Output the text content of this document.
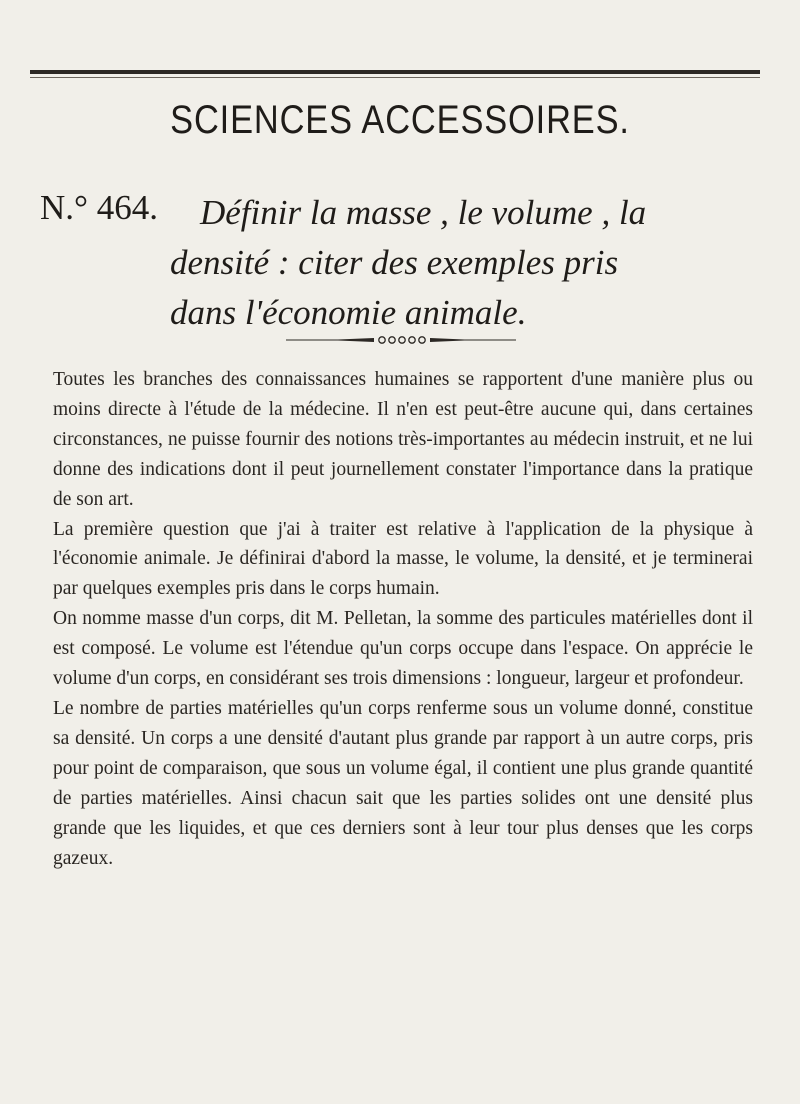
SCIENCES ACCESSOIRES.
N.° 464. Définir la masse , le volume , la
densité : citer des exemples pris
dans l'économie animale.

Toutes les branches des connaissances humaines se rapportent d'une manière plus ou moins directe à l'étude de la médecine. Il n'en est peut-être aucune qui, dans certaines circonstances, ne puisse fournir des notions très-importantes au médecin instruit, et ne lui donne des indications dont il peut journellement constater l'importance dans la pratique de son art.

La première question que j'ai à traiter est relative à l'application de la physique à l'économie animale. Je définirai d'abord la masse, le volume, la densité, et je terminerai par quelques exemples pris dans le corps humain.

On nomme masse d'un corps, dit M. Pelletan, la somme des particules matérielles dont il est composé. Le volume est l'étendue qu'un corps occupe dans l'espace. On apprécie le volume d'un corps, en considérant ses trois dimensions : longueur, largeur et profondeur.

Le nombre de parties matérielles qu'un corps renferme sous un volume donné, constitue sa densité. Un corps a une densité d'autant plus grande par rapport à un autre corps, pris pour point de comparaison, que sous un volume égal, il contient une plus grande quantité de parties matérielles. Ainsi chacun sait que les parties solides ont une densité plus grande que les liquides, et que ces derniers sont à leur tour plus denses que les corps gazeux.
